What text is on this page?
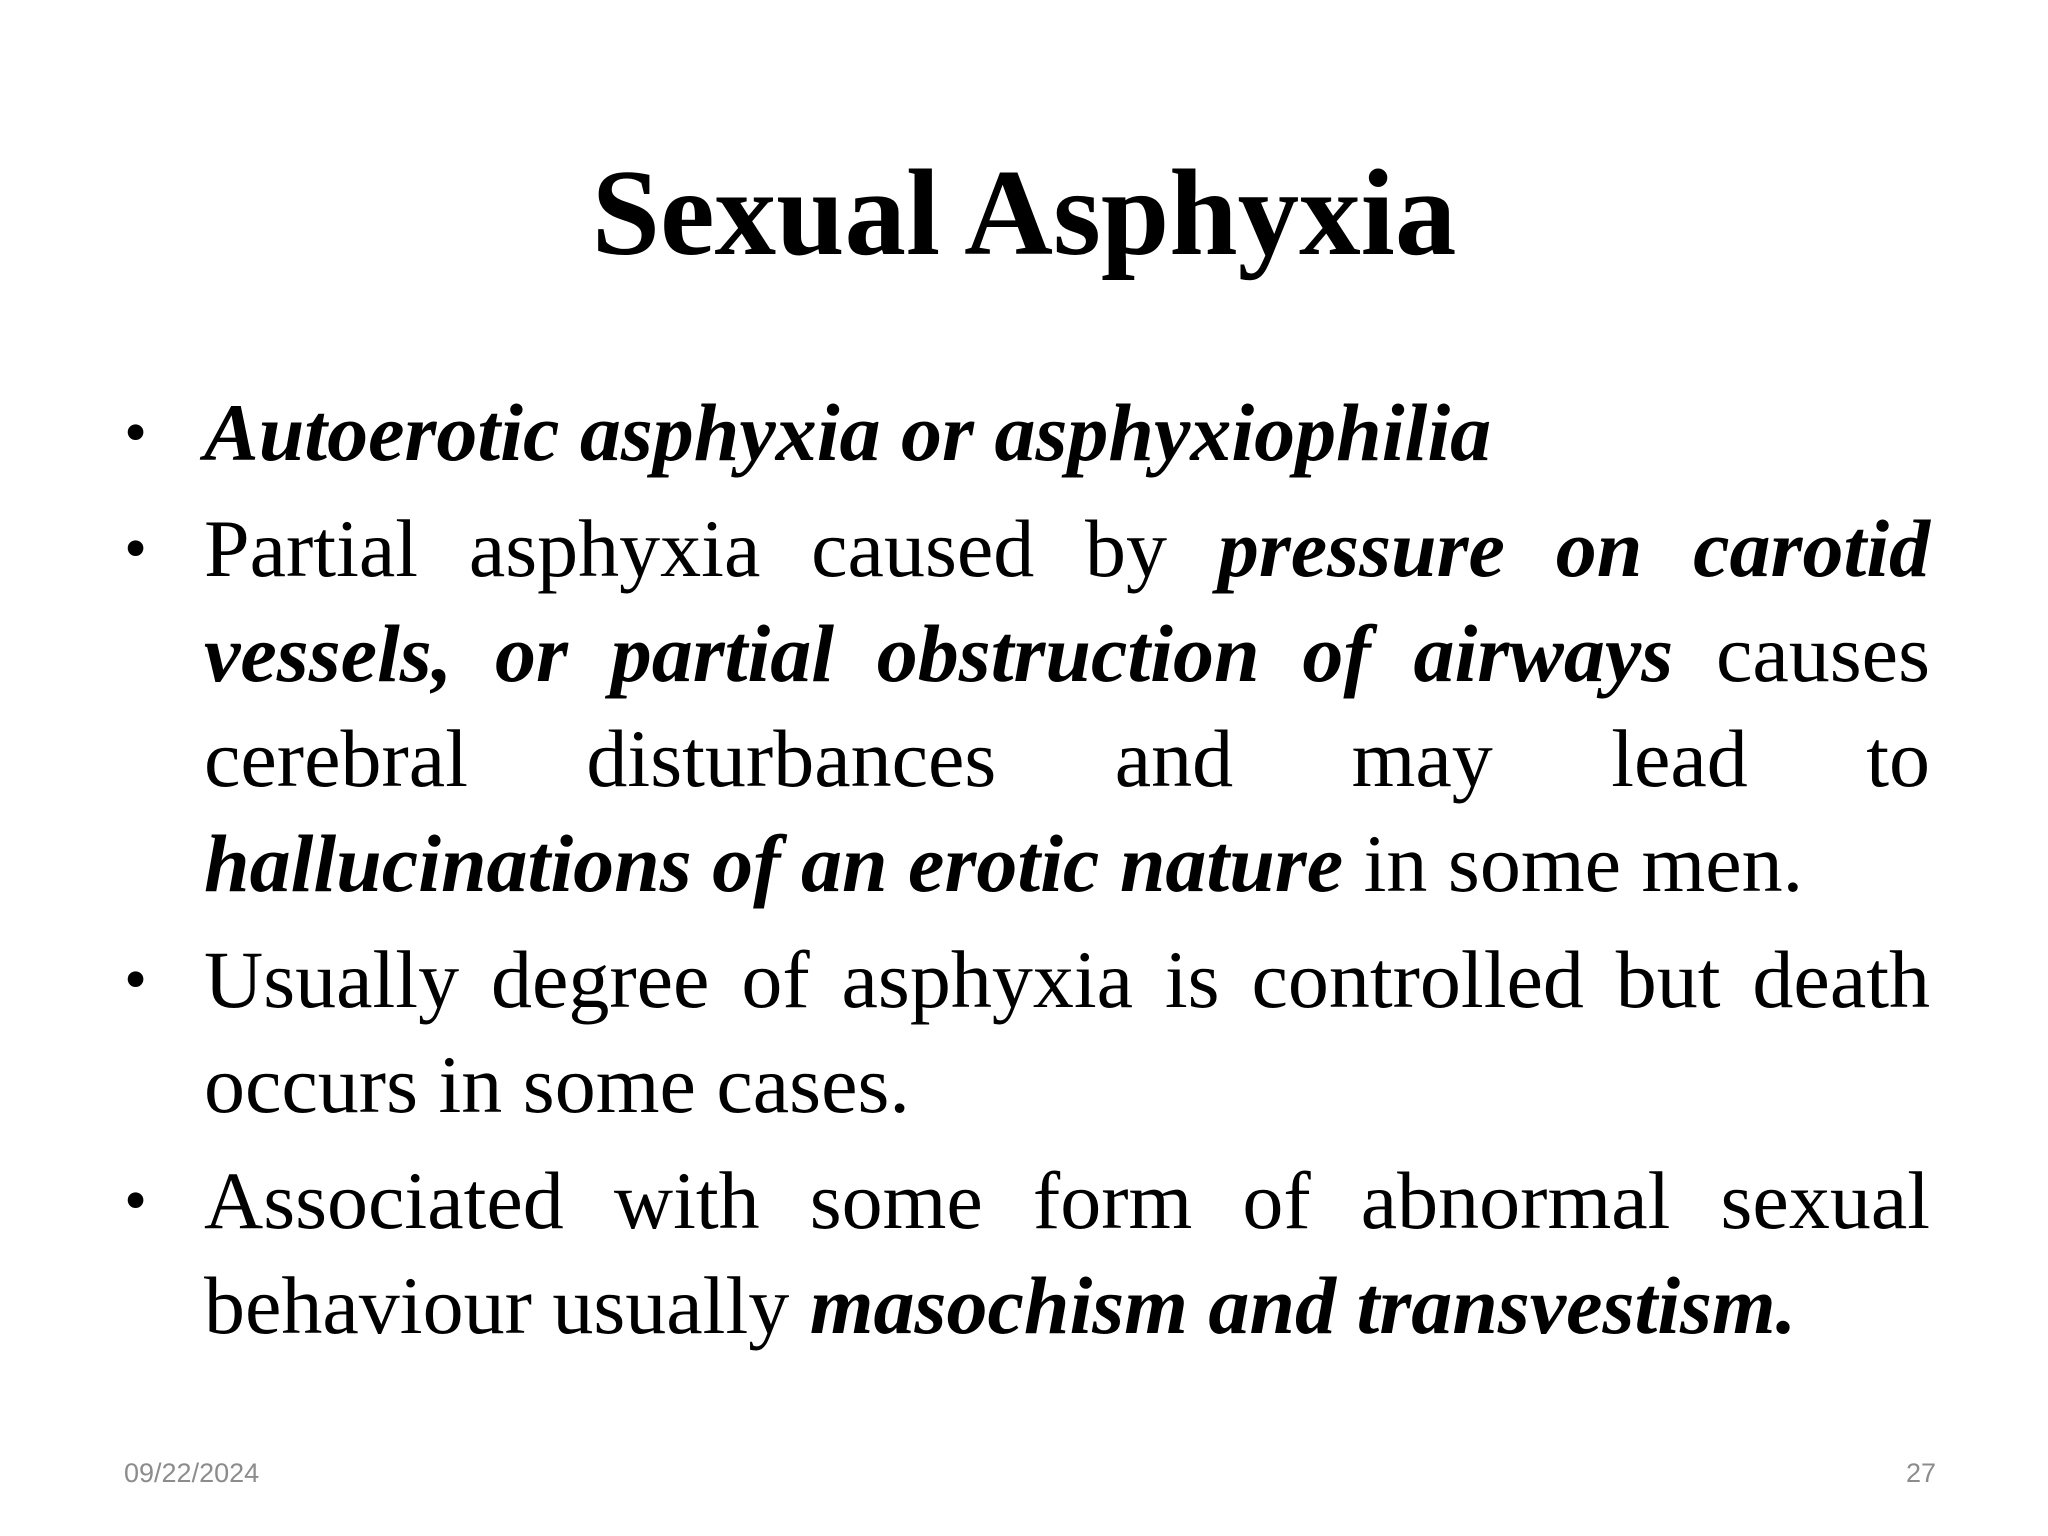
Sexual Asphyxia
• Autoerotic asphyxia or asphyxiophilia
• Partial asphyxia caused by pressure on carotid vessels, or partial obstruction of airways causes cerebral disturbances and may lead to hallucinations of an erotic nature in some men.
• Usually degree of asphyxia is controlled but death occurs in some cases.
• Associated with some form of abnormal sexual behaviour usually masochism and transvestism.
09/22/2024	27
